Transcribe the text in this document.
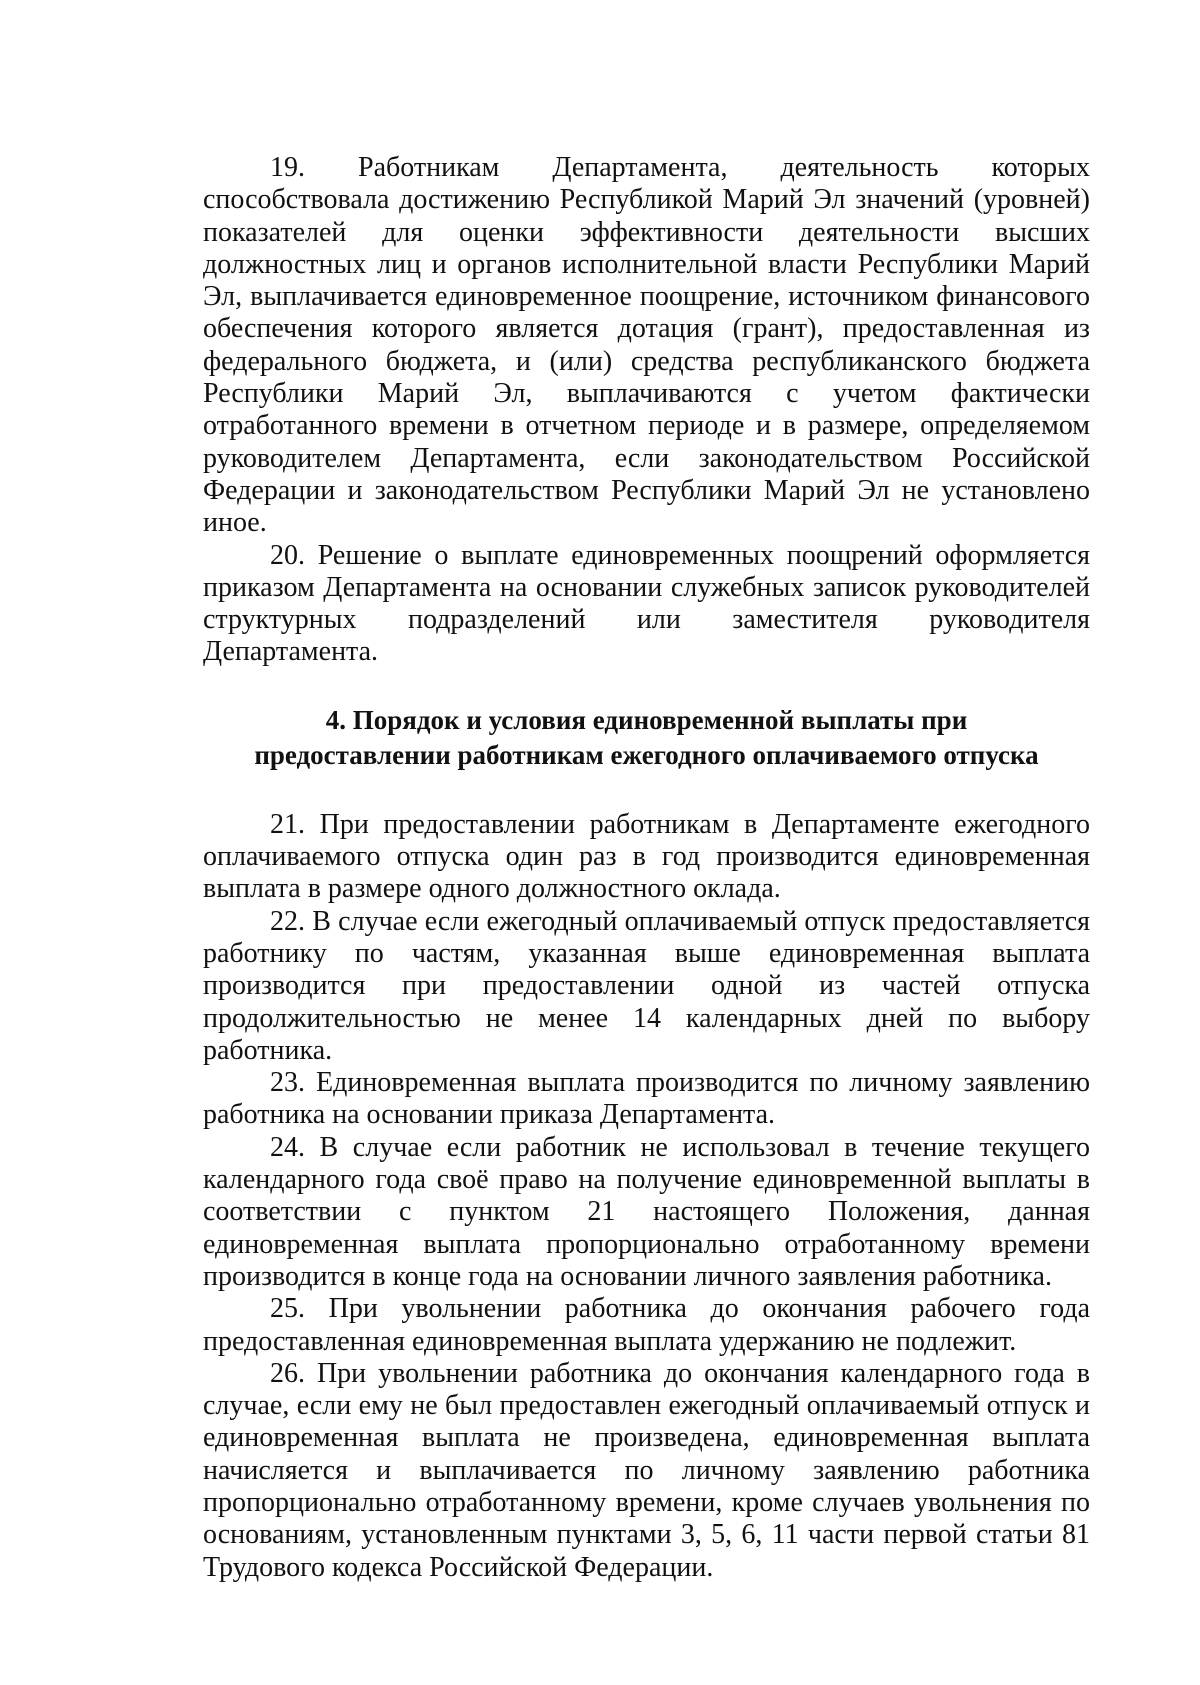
19. Работникам Департамента, деятельность которых способствовала достижению Республикой Марий Эл значений (уровней) показателей для оценки эффективности деятельности высших должностных лиц и органов исполнительной власти Республики Марий Эл, выплачивается единовременное поощрение, источником финансового обеспечения которого является дотация (грант), предоставленная из федерального бюджета, и (или) средства республиканского бюджета Республики Марий Эл, выплачиваются с учетом фактически отработанного времени в отчетном периоде и в размере, определяемом руководителем Департамента, если законодательством Российской Федерации и законодательством Республики Марий Эл не установлено иное.

20. Решение о выплате единовременных поощрений оформляется приказом Департамента на основании служебных записок руководителей структурных подразделений или заместителя руководителя Департамента.

4. Порядок и условия единовременной выплаты при
предоставлении работникам ежегодного оплачиваемого отпуска

21. При предоставлении работникам в Департаменте ежегодного оплачиваемого отпуска один раз в год производится единовременная выплата в размере одного должностного оклада.

22. В случае если ежегодный оплачиваемый отпуск предоставляется работнику по частям, указанная выше единовременная выплата производится при предоставлении одной из частей отпуска продолжительностью не менее 14 календарных дней по выбору работника.

23. Единовременная выплата производится по личному заявлению работника на основании приказа Департамента.

24. В случае если работник не использовал в течение текущего календарного года своё право на получение единовременной выплаты в соответствии с пунктом 21 настоящего Положения, данная единовременная выплата пропорционально отработанному времени производится в конце года на основании личного заявления работника.

25. При увольнении работника до окончания рабочего года предоставленная единовременная выплата удержанию не подлежит.

26. При увольнении работника до окончания календарного года в случае, если ему не был предоставлен ежегодный оплачиваемый отпуск и единовременная выплата не произведена, единовременная выплата начисляется и выплачивается по личному заявлению работника пропорционально отработанному времени, кроме случаев увольнения по основаниям, установленным пунктами 3, 5, 6, 11 части первой статьи 81 Трудового кодекса Российской Федерации.
